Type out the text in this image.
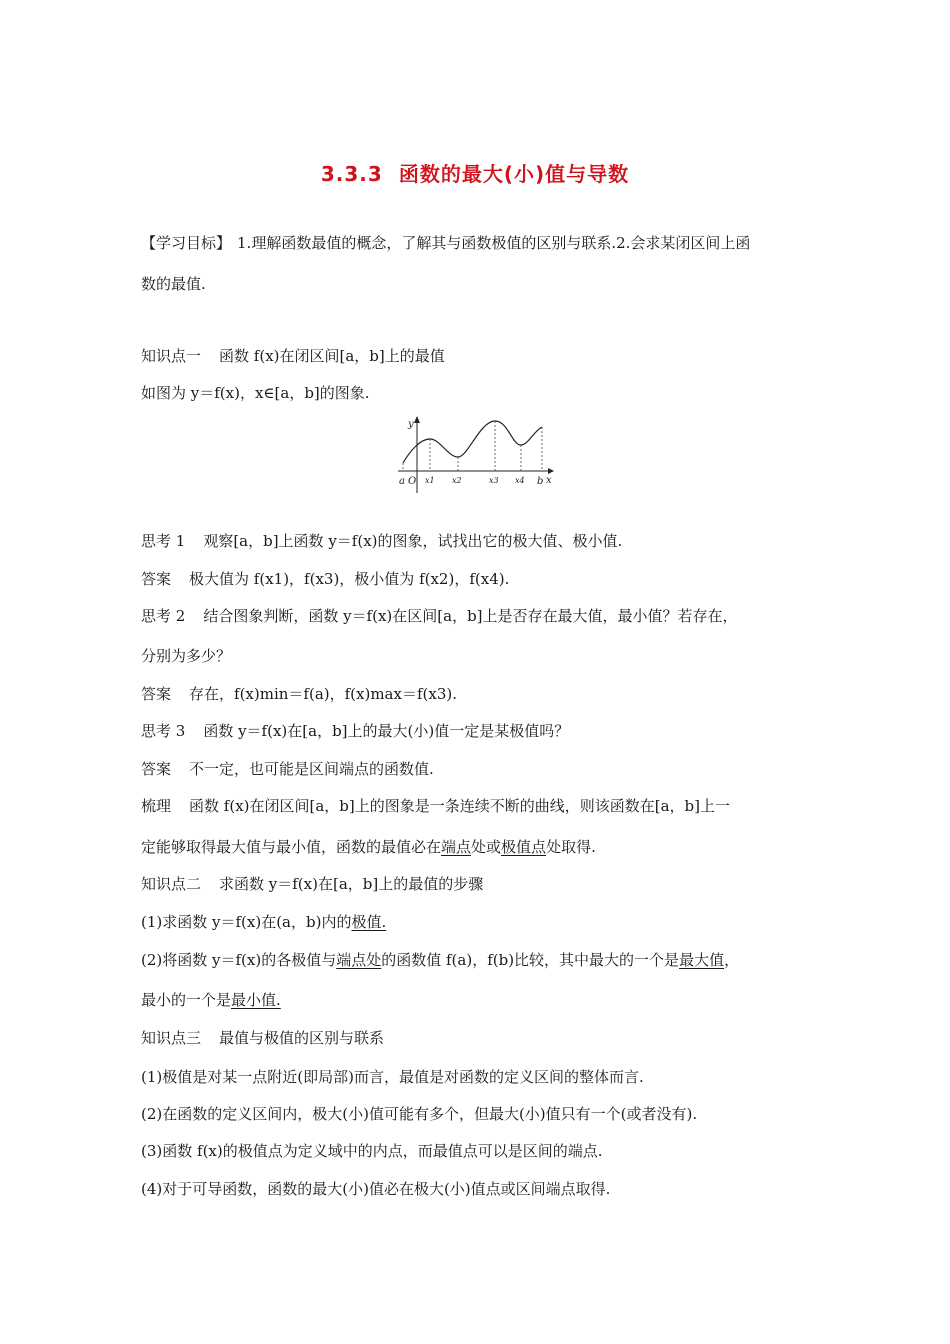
3.3.3 函数的最大(小)值与导数
【学习目标】 1.理解函数最值的概念，了解其与函数极值的区别与联系.2.会求某闭区间上函
数的最值.
知识点一 函数 f(x)在闭区间[a，b]上的最值
如图为 y＝f(x)，x∈[a，b]的图象.
y
a O x1 x2	x3 x4 b x
思考 1 观察[a，b]上函数 y＝f(x)的图象，试找出它的极大值、极小值.
答案 极大值为 f(x1)，f(x3)，极小值为 f(x2)，f(x4).
思考 2 结合图象判断，函数 y＝f(x)在区间[a，b]上是否存在最大值，最小值？若存在，
分别为多少？
答案 存在，f(x)min＝f(a)，f(x)max＝f(x3).
思考 3 函数 y＝f(x)在[a，b]上的最大(小)值一定是某极值吗？
答案 不一定，也可能是区间端点的函数值.
梳理 函数 f(x)在闭区间[a，b]上的图象是一条连续不断的曲线，则该函数在[a，b]上一
定能够取得最大值与最小值，函数的最值必在端点处或极值点处取得.
知识点二 求函数 y＝f(x)在[a，b]上的最值的步骤
(1)求函数 y＝f(x)在(a，b)内的极值.
(2)将函数 y＝f(x)的各极值与端点处的函数值 f(a)，f(b)比较，其中最大的一个是最大值，
最小的一个是最小值.
知识点三 最值与极值的区别与联系
(1)极值是对某一点附近(即局部)而言，最值是对函数的定义区间的整体而言.
(2)在函数的定义区间内，极大(小)值可能有多个，但最大(小)值只有一个(或者没有).
(3)函数 f(x)的极值点为定义域中的内点，而最值点可以是区间的端点.
(4)对于可导函数，函数的最大(小)值必在极大(小)值点或区间端点取得.
